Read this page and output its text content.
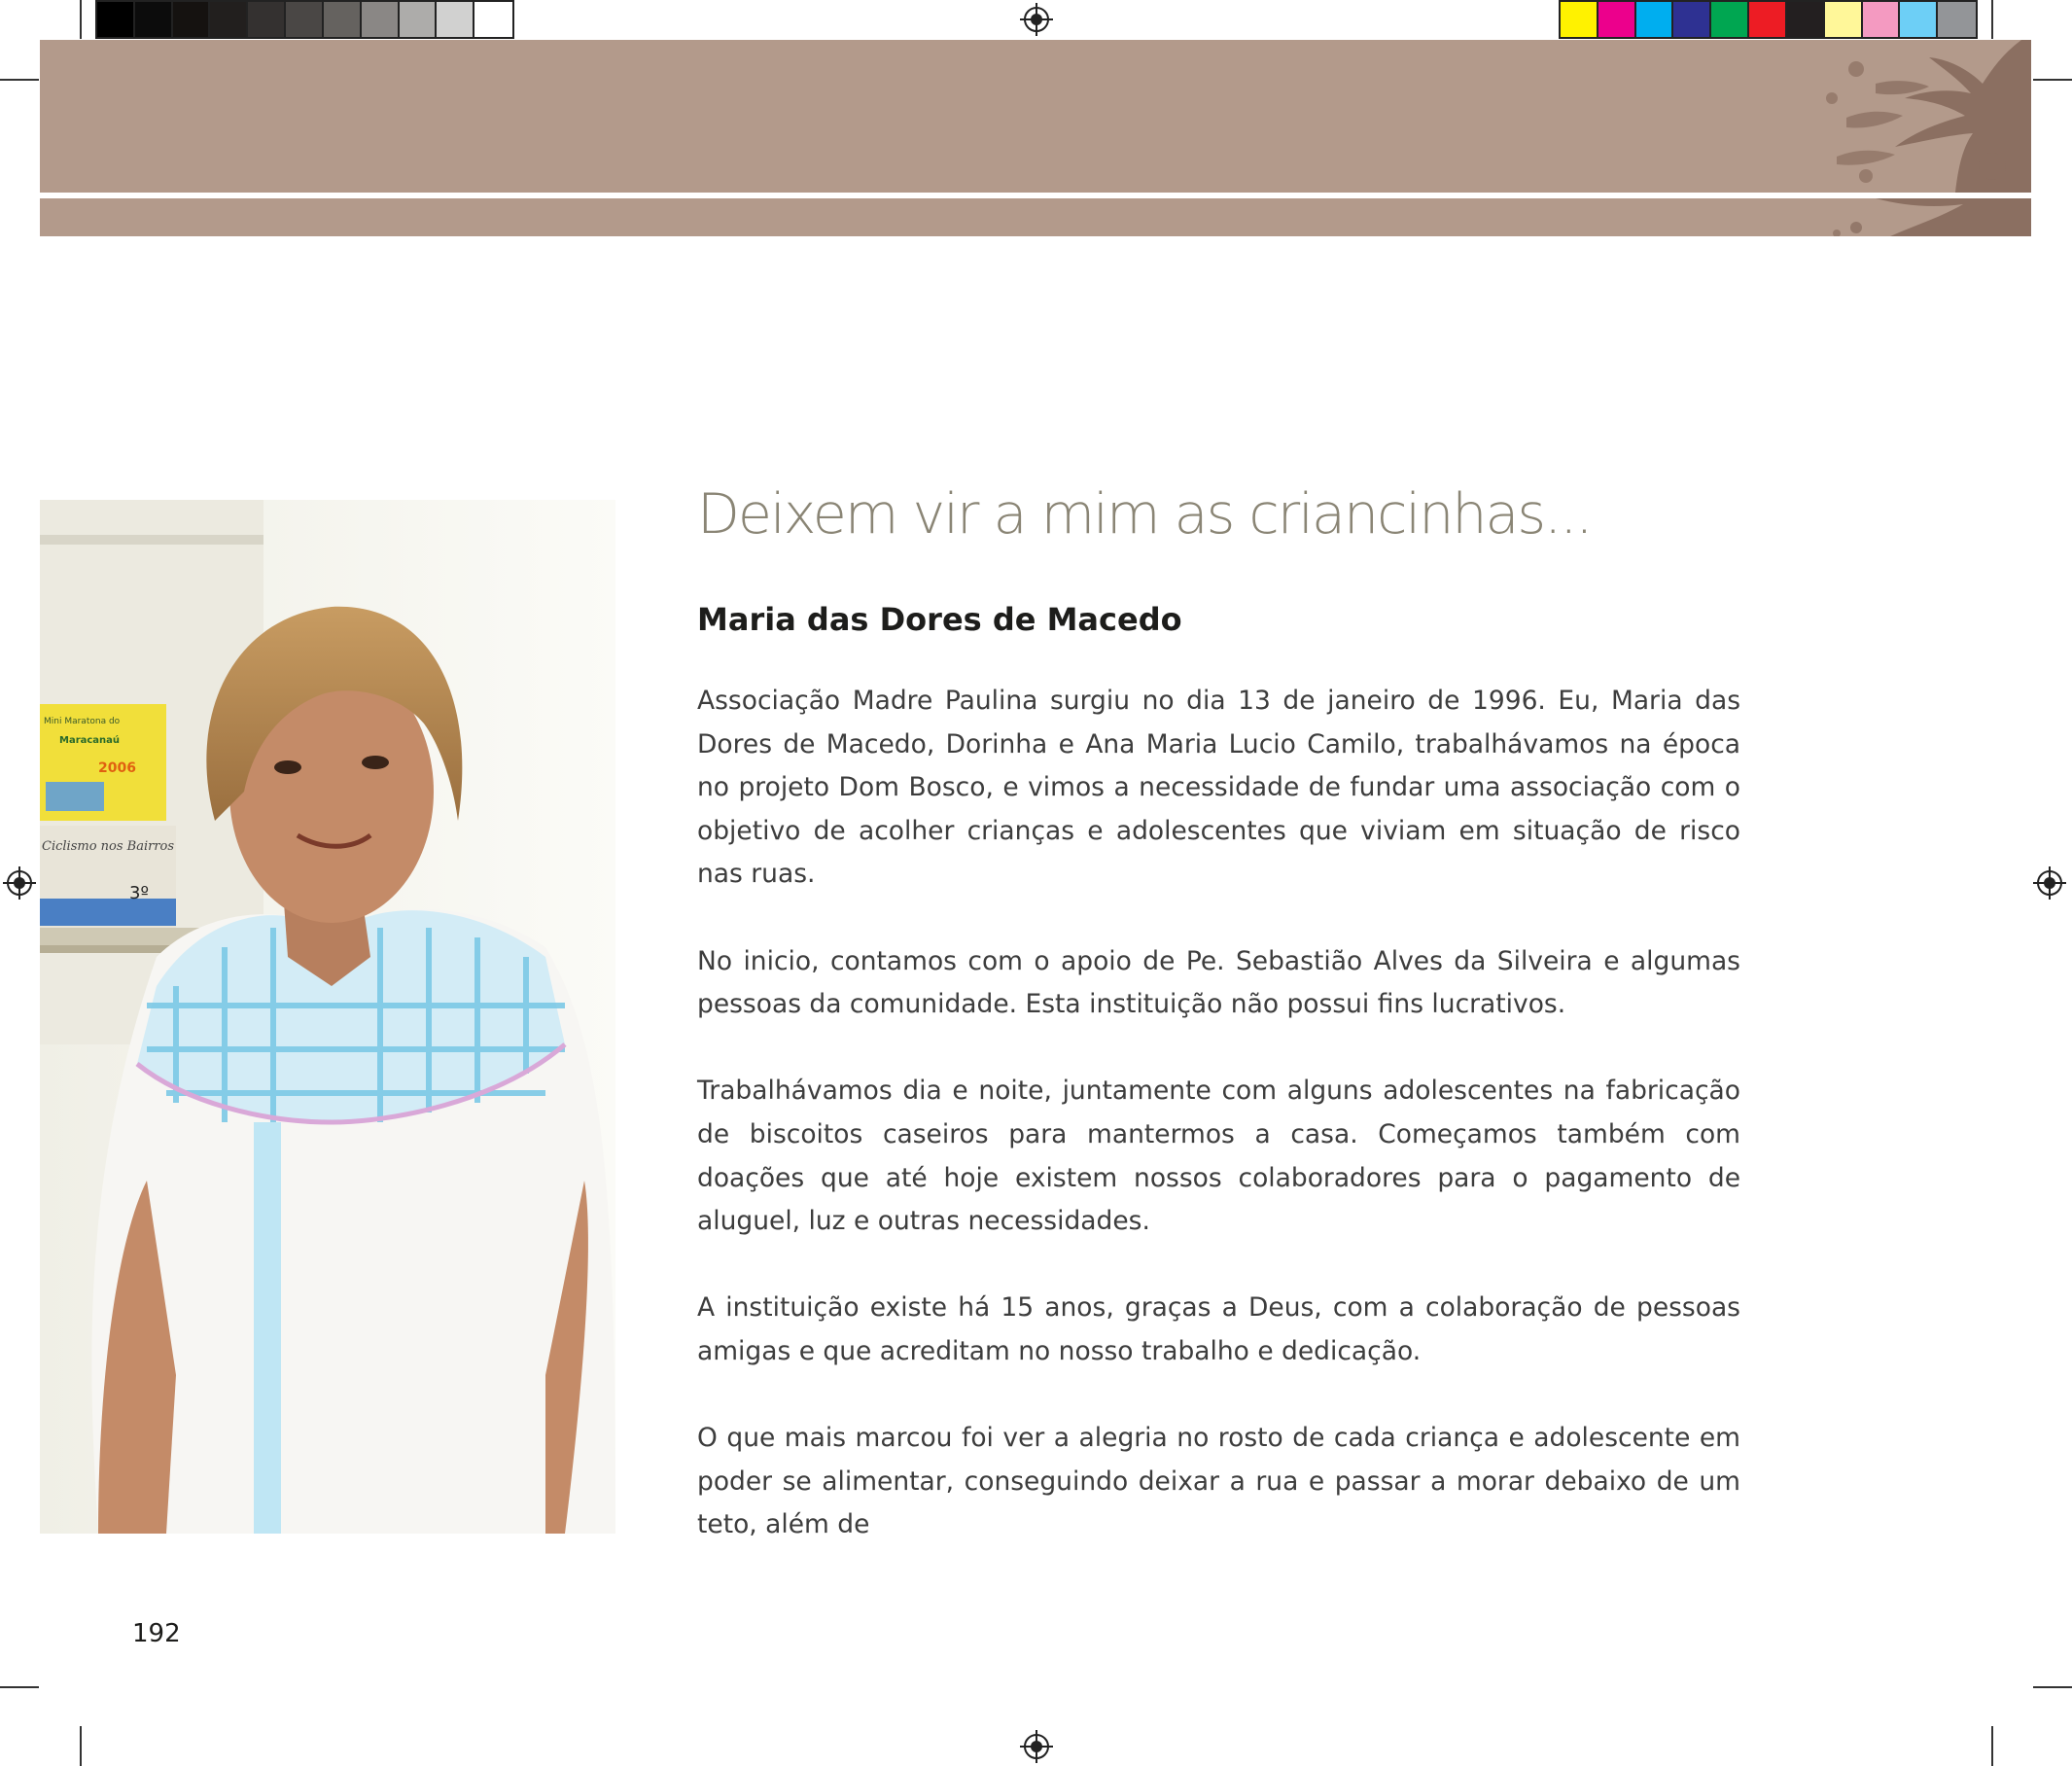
Mini Maratona do
Maracanaú
2006
Ciclismo nos Bairros
3º
Deixem vir a mim as criancinhas...
Maria das Dores de Macedo

Associação Madre Paulina surgiu no dia 13 de janeiro de 1996. Eu, Maria das Dores de Macedo, Dorinha e Ana Maria Lucio Camilo, trabalhávamos na época no projeto Dom Bosco, e vimos a necessidade de fundar uma associação com o objetivo de acolher crianças e adolescentes que viviam em situação de risco nas ruas.

No inicio, contamos com o apoio de Pe. Sebastião Alves da Silveira e algumas pessoas da comunidade. Esta instituição não possui fins lucrativos.

Trabalhávamos dia e noite, juntamente com alguns adolescentes na fabricação de biscoitos caseiros para mantermos a casa. Começamos também com doações que até hoje existem nossos colaboradores para o pagamento de aluguel, luz e outras necessidades.

A instituição existe há 15 anos, graças a Deus, com a colaboração de pessoas amigas e que acreditam no nosso trabalho e dedicação.

O que mais marcou foi ver a alegria no rosto de cada criança e adolescente em poder se alimentar, conseguindo deixar a rua e passar a morar debaixo de um teto, além de

192
